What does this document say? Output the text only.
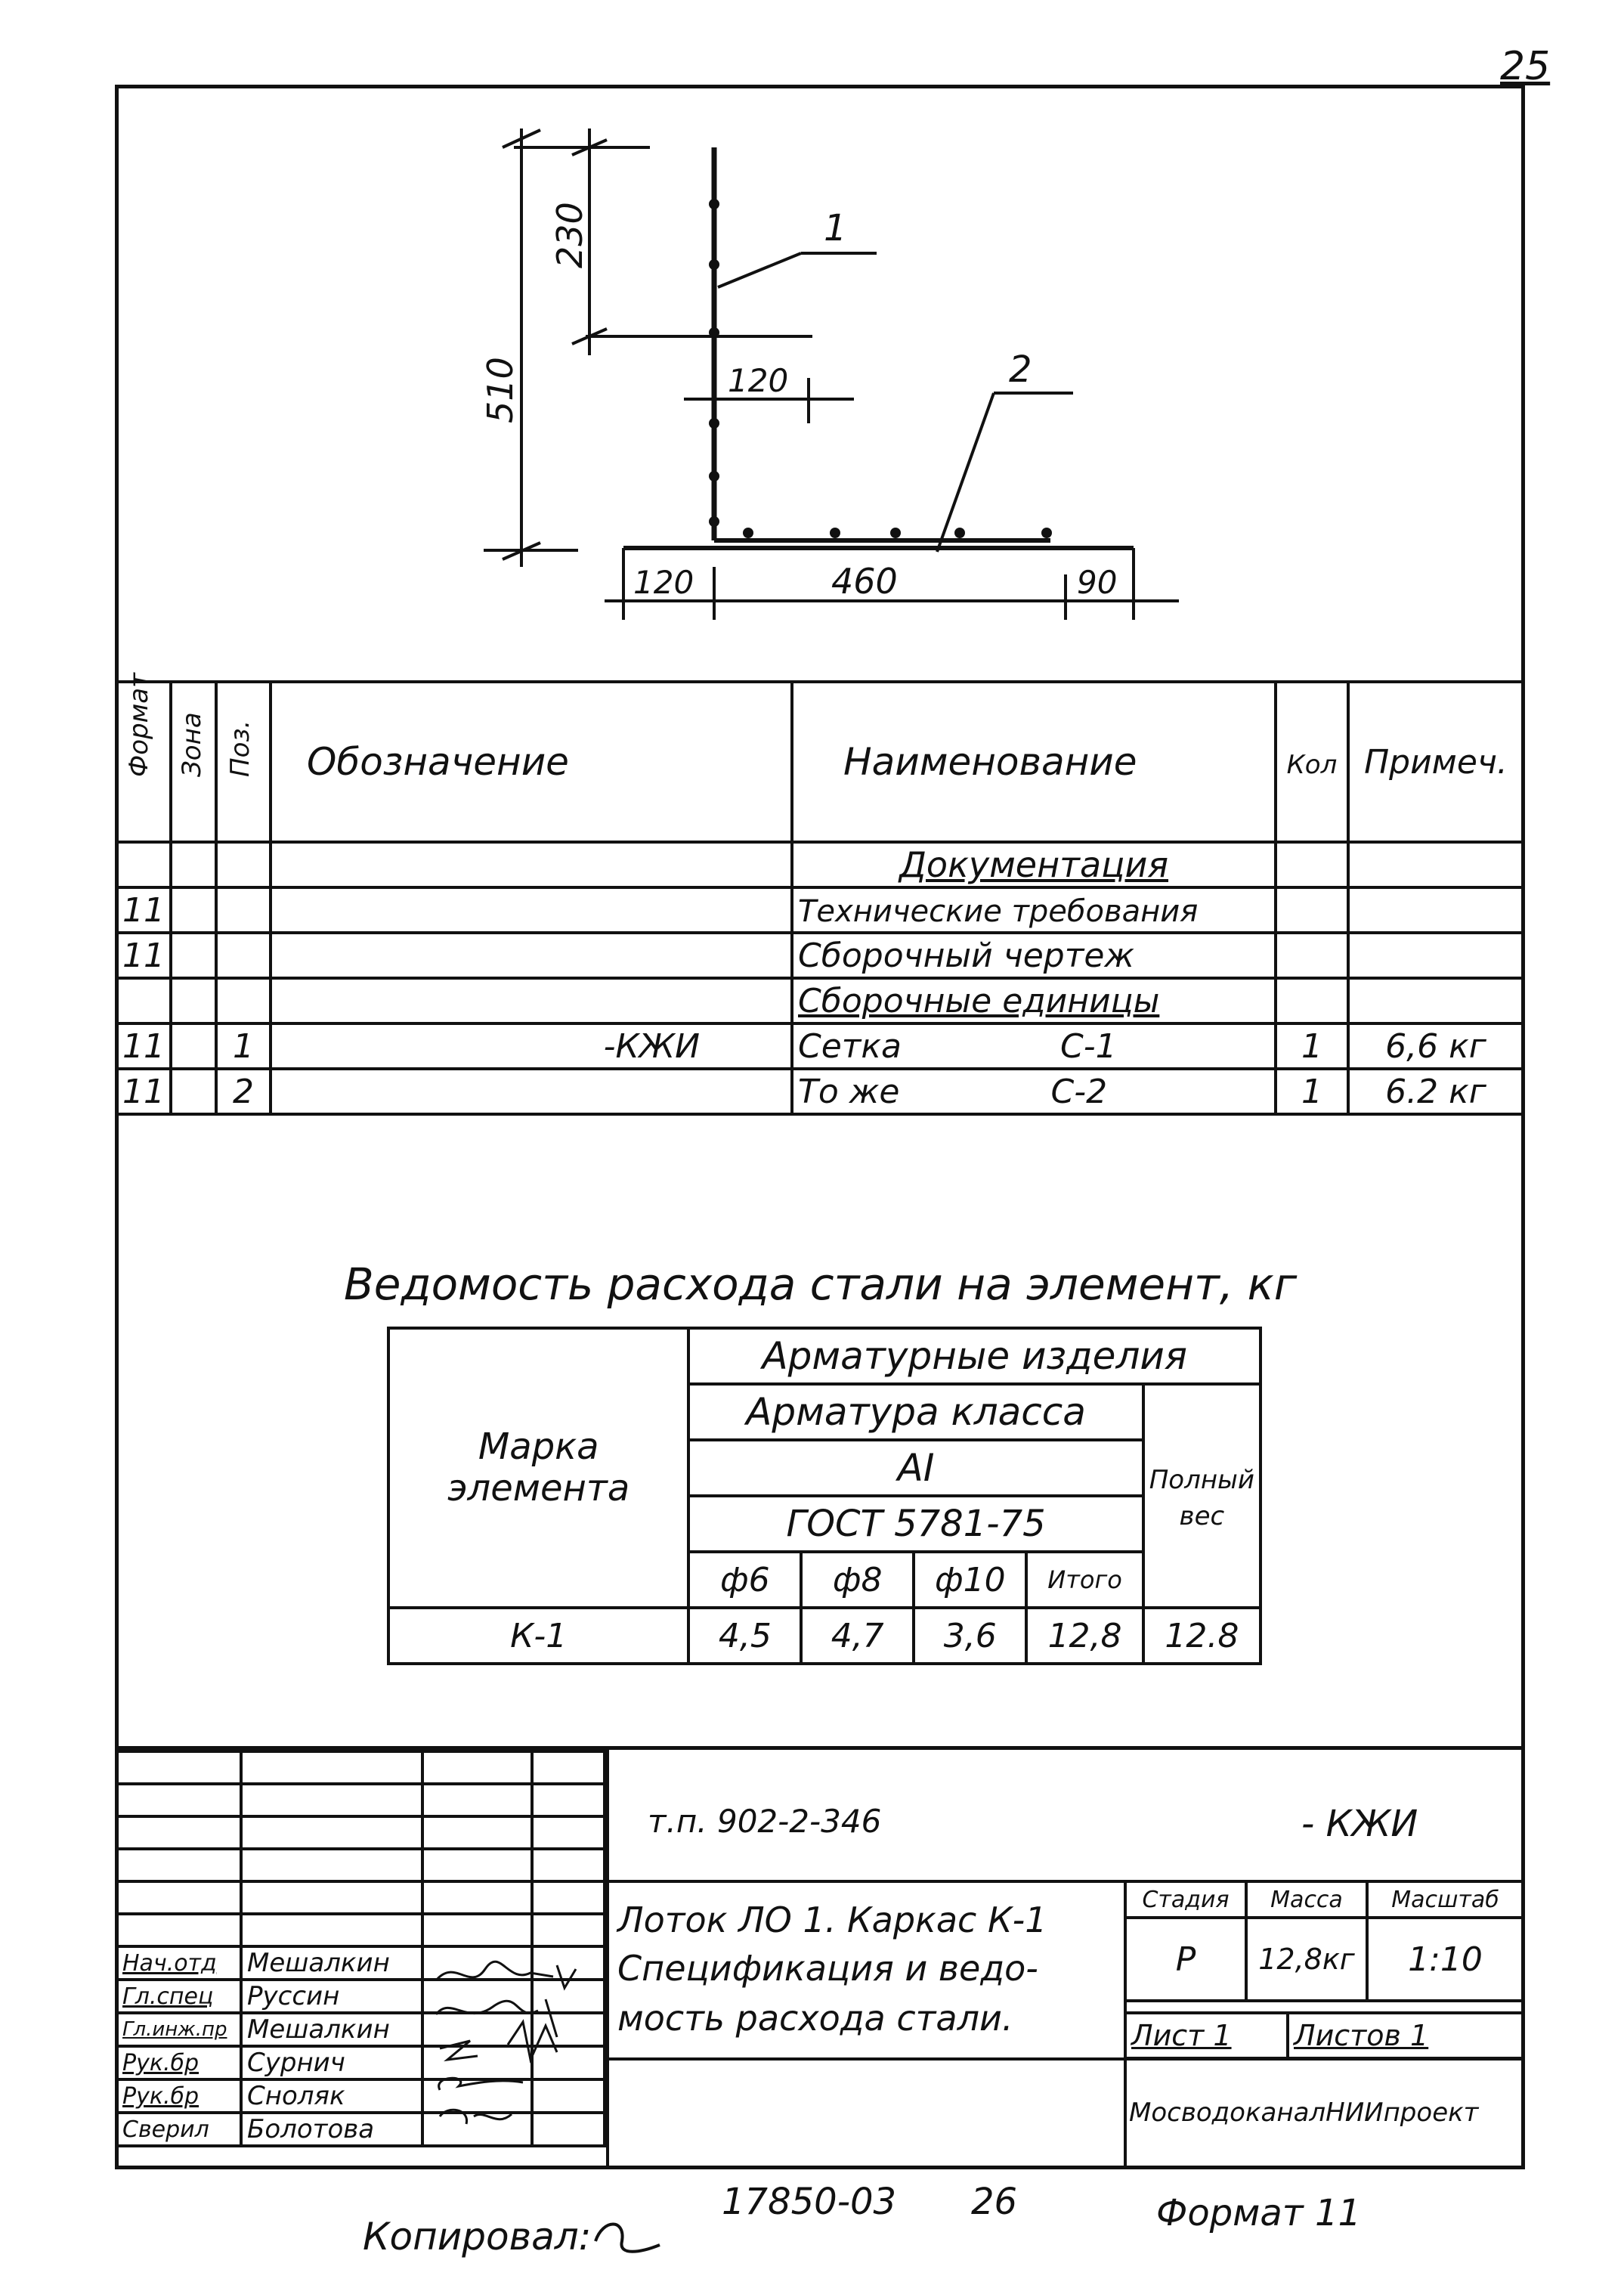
25
510
230
120
120	460	90
1
2
Формат	Зона	Поз.	Обозначение	Наименование	Кол	Примеч.
				Документация		
11				Технические требования		
11				Сборочный чертеж		
				Сборочные единицы		
11		1	-КЖИ	Сетка С-1	1	6,6 кг
11		2		То же С-2	1	6.2 кг
Ведомость расхода стали на элемент, кг
Марка элемента	Арматурные изделия				
	Арматура класса				Полный вес
	АI				
	ГОСТ 5781-75				
	ф6	ф8	ф10	Итого	
К-1	4,5	4,7	3,6	12,8	12.8

Нач.отд	Мешалкин		
Гл.спец	Руссин		
Гл.инж.пр	Мешалкин		
Рук.бр	Сурнич		
Рук.бр	Сноляк		
Сверил	Болотова		
т.п. 902-2-346	- КЖИ
Лоток ЛО 1. Каркас К-1
Спецификация и ведо-
мость расхода стали.
Стадия	Масса	Масштаб
Р	12,8кг	1:10
Лист 1	Листов 1
МосводоканалНИИпроект
Копировал:
17850-03 26	Формат 11
